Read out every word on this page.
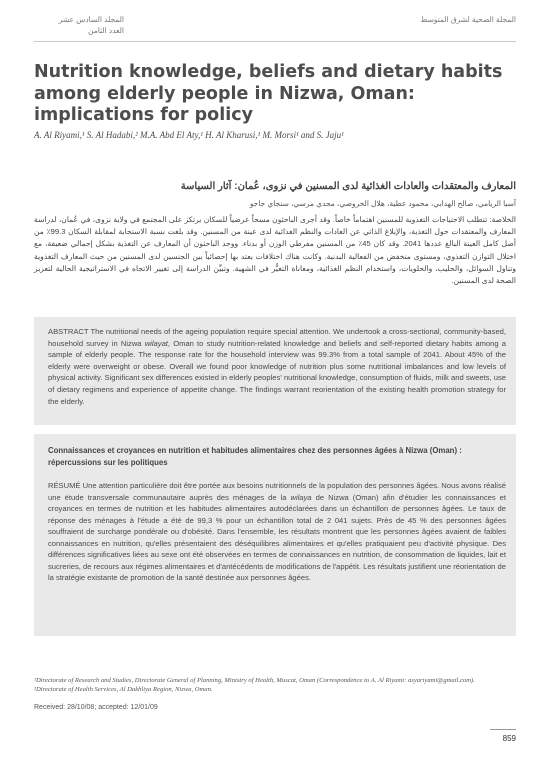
المجلة الصحية لشرق المتوسط
المجلد السادس عشر
العدد الثامن
Nutrition knowledge, beliefs and dietary habits among elderly people in Nizwa, Oman: implications for policy
A. Al Riyami,¹ S. Al Hadabi,² M.A. Abd El Aty,¹ H. Al Kharusi,¹ M. Morsi¹ and S. Jaju¹
المعارف والمعتقدات والعادات الغذائية لدى المسنين في نزوى، عُمان: آثار السياسة
آسيا الريامي، صالح الهدابي، محمود عطية، هلال الخروصي، مجدي مرسي، سنجاي جاجو
الخلاصة: تتطلب الاحتياجات التغذوية للمسنين اهتماماً خاصاً. وقد أجرى الباحثون مسحاً عرضياً للسكان يرتكز على المجتمع في ولاية نزوى، في عُمان، لدراسة المعارف والمعتقدات حول التغذية، والإبلاغ الذاتي عن العادات والنظم الغذائية لدى عينة من المسنين. وقد بلغت نسبة الاستجابة لمقابلة السكان 99.3٪ من أصل كامل العينة البالغ عددها 2041. وقد كان 45٪ من المسنين مفرطي الوزن أو بدناء. ووجد الباحثون أن المعارف عن التغذية بشكل إجمالي ضعيفة، مع اختلال التوازن التغذوي، ومستوى منخفض من الفعالية البدنية. وكانت هناك اختلافات يعتد بها إحصائياً بين الجنسين لدى المسنين من حيث المعارف التغذوية وتناول السوائل، والحليب، والحلويات، واستخدام النظم الغذائية، ومعاناة التغيُّر في الشهية. وتبيِّن الدراسة إلى تغيير الاتجاه في الاستراتيجية الحالية لتعزيز الصحة لدى المسنين.
ABSTRACT The nutritional needs of the ageing population require special attention. We undertook a cross-sectional, community-based, household survey in Nizwa wilayat, Oman to study nutrition-related knowledge and beliefs and self-reported dietary habits among a sample of elderly people. The response rate for the household interview was 99.3% from a total sample of 2041. About 45% of the elderly were overweight or obese. Overall we found poor knowledge of nutrition plus some nutritional imbalances and low levels of physical activity. Significant sex differences existed in elderly peoples' nutritional knowledge, consumption of fluids, milk and sweets, use of dietary regimens and experience of appetite change. The findings warrant reorientation of the existing health promotion strategy for the elderly.
Connaissances et croyances en nutrition et habitudes alimentaires chez des personnes âgées à Nizwa (Oman) : répercussions sur les politiques
RÉSUMÉ Une attention particulière doit être portée aux besoins nutritionnels de la population des personnes âgées. Nous avons réalisé une étude transversale communautaire auprès des ménages de la wilaya de Nizwa (Oman) afin d'étudier les connaissances et croyances en termes de nutrition et les habitudes alimentaires autodéclarées dans un échantillon de personnes âgées. Le taux de réponse des ménages à l'étude a été de 99,3 % pour un échantillon total de 2 041 sujets. Près de 45 % des personnes âgées souffraient de surcharge pondérale ou d'obésité. Dans l'ensemble, les résultats montrent que les personnes âgées avaient de faibles connaissances en nutrition, qu'elles présentaient des déséquilibres alimentaires et qu'elles pratiquaient peu d'activité physique. Des différences significatives liées au sexe ont été observées en termes de connaissances en nutrition, de consommation de liquides, lait et sucreries, de recours aux régimes alimentaires et d'antécédents de modifications de l'appétit. Les résultats justifient une réorientation de la stratégie existante de promotion de la santé destinée aux personnes âgées.
¹Directorate of Research and Studies, Directorate General of Planning, Ministry of Health, Muscat, Oman (Correspondence to A. Al Riyami: asyariyami@gmail.com).
²Directorate of Health Services, Al Dakhliya Region, Nizwa, Oman.
Received: 28/10/08; accepted: 12/01/09
859
